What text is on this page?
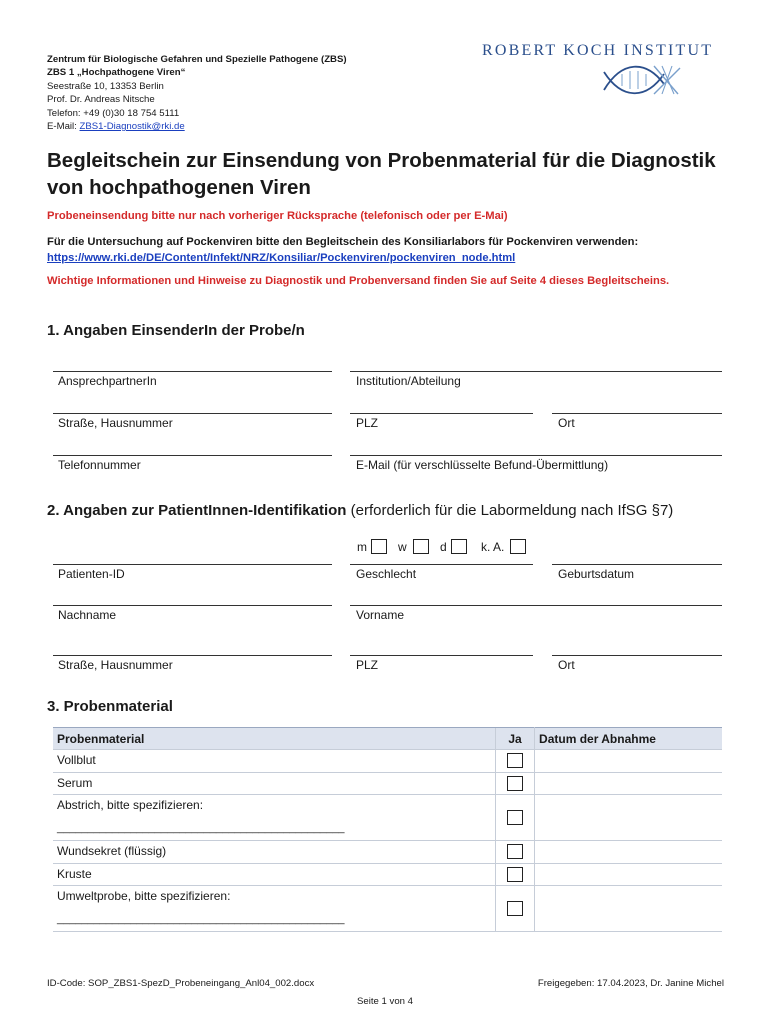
Zentrum für Biologische Gefahren und Spezielle Pathogene (ZBS)
ZBS 1 „Hochpathogene Viren“
Seestraße 10, 13353 Berlin
Prof. Dr. Andreas Nitsche
Telefon: +49 (0)30 18 754 5111
E-Mail: ZBS1-Diagnostik@rki.de
ROBERT KOCH INSTITUT
Begleitschein zur Einsendung von Probenmaterial für die Diagnostik von hochpathogenen Viren
Probeneinsendung bitte nur nach vorheriger Rücksprache (telefonisch oder per E-Mai)
Für die Untersuchung auf Pockenviren bitte den Begleitschein des Konsiliarlabors für Pockenviren verwenden:
https://www.rki.de/DE/Content/Infekt/NRZ/Konsiliar/Pockenviren/pockenviren_node.html
Wichtige Informationen und Hinweise zu Diagnostik und Probenversand finden Sie auf Seite 4 dieses Begleitscheins.
1. Angaben EinsenderIn der Probe/n
AnsprechpartnerIn	Institution/Abteilung
Straße, Hausnummer	PLZ	Ort
Telefonnummer	E-Mail (für verschlüsselte Befund-Übermittlung)
2. Angaben zur PatientInnen-Identifikation (erforderlich für die Labormeldung nach IfSG §7)
m	w	d	k. A.
Patienten-ID	Geschlecht	Geburtsdatum
Nachname	Vorname
Straße, Hausnummer	PLZ	Ort
3. Probenmaterial
Probenmaterial	Ja	Datum der Abnahme
Vollblut		
Serum		

Abstrich, bitte spezifizieren:
_______________________________________________		

Wundsekret (flüssig)		
Kruste		

Umweltprobe, bitte spezifizieren:
_______________________________________________		

ID-Code: SOP_ZBS1-SpezD_Probeneingang_Anl04_002.docx	Freigegeben: 17.04.2023, Dr. Janine Michel
Seite 1 von 4
